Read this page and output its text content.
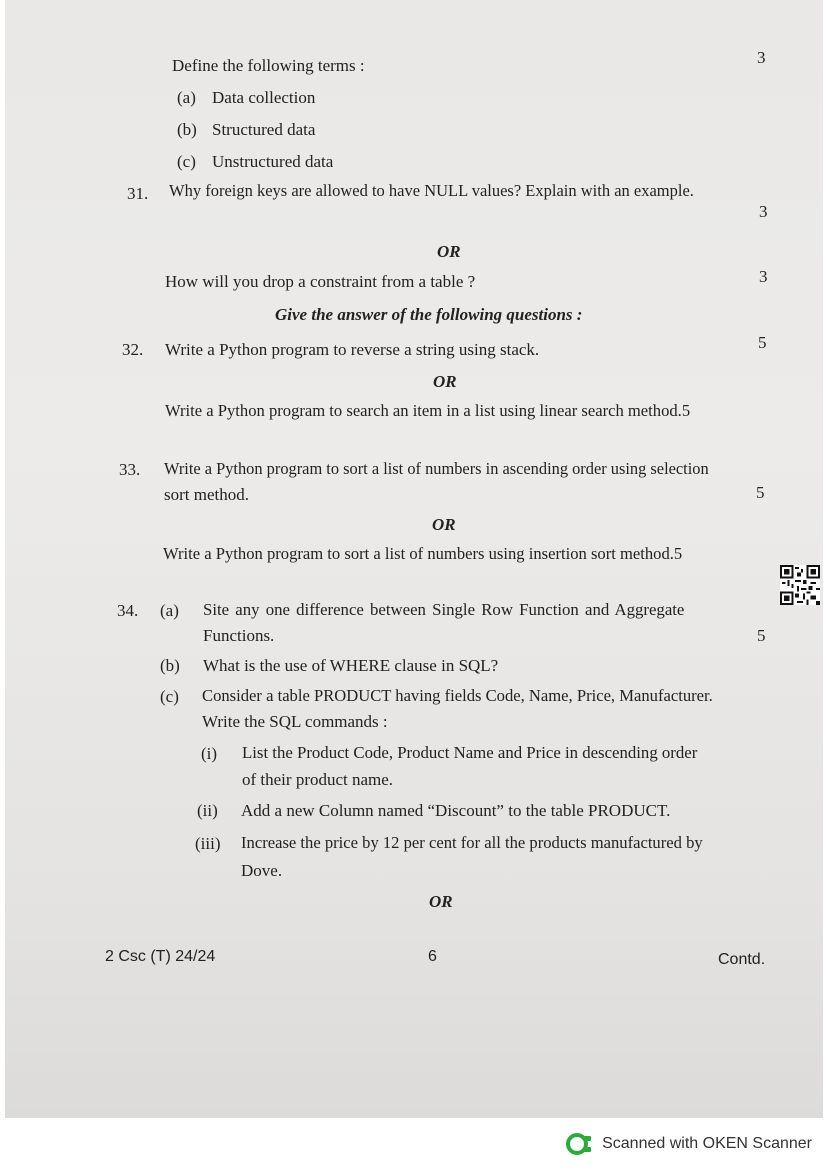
Define the following terms :	3
(a) Data collection
(b) Structured data
(c) Unstructured data
31. Why foreign keys are allowed to have NULL values? Explain with an example.
3
OR
How will you drop a constraint from a table ?	3
Give the answer of the following questions :
32. Write a Python program to reverse a string using stack.	5
OR
Write a Python program to search an item in a list using linear search method.5
33. Write a Python program to sort a list of numbers in ascending order using selection
sort method.	5
OR
Write a Python program to sort a list of numbers using insertion sort method.5
34. (a) Site any one difference between Single Row Function and Aggregate
Functions.	5
(b) What is the use of WHERE clause in SQL?
(c) Consider a table PRODUCT having fields Code, Name, Price, Manufacturer.
Write the SQL commands :
(i) List the Product Code, Product Name and Price in descending order
of their product name.
(ii) Add a new Column named “Discount” to the table PRODUCT.
(iii) Increase the price by 12 per cent for all the products manufactured by
Dove.
OR
2 Csc (T) 24/24	6	Contd.
Scanned with OKEN Scanner
